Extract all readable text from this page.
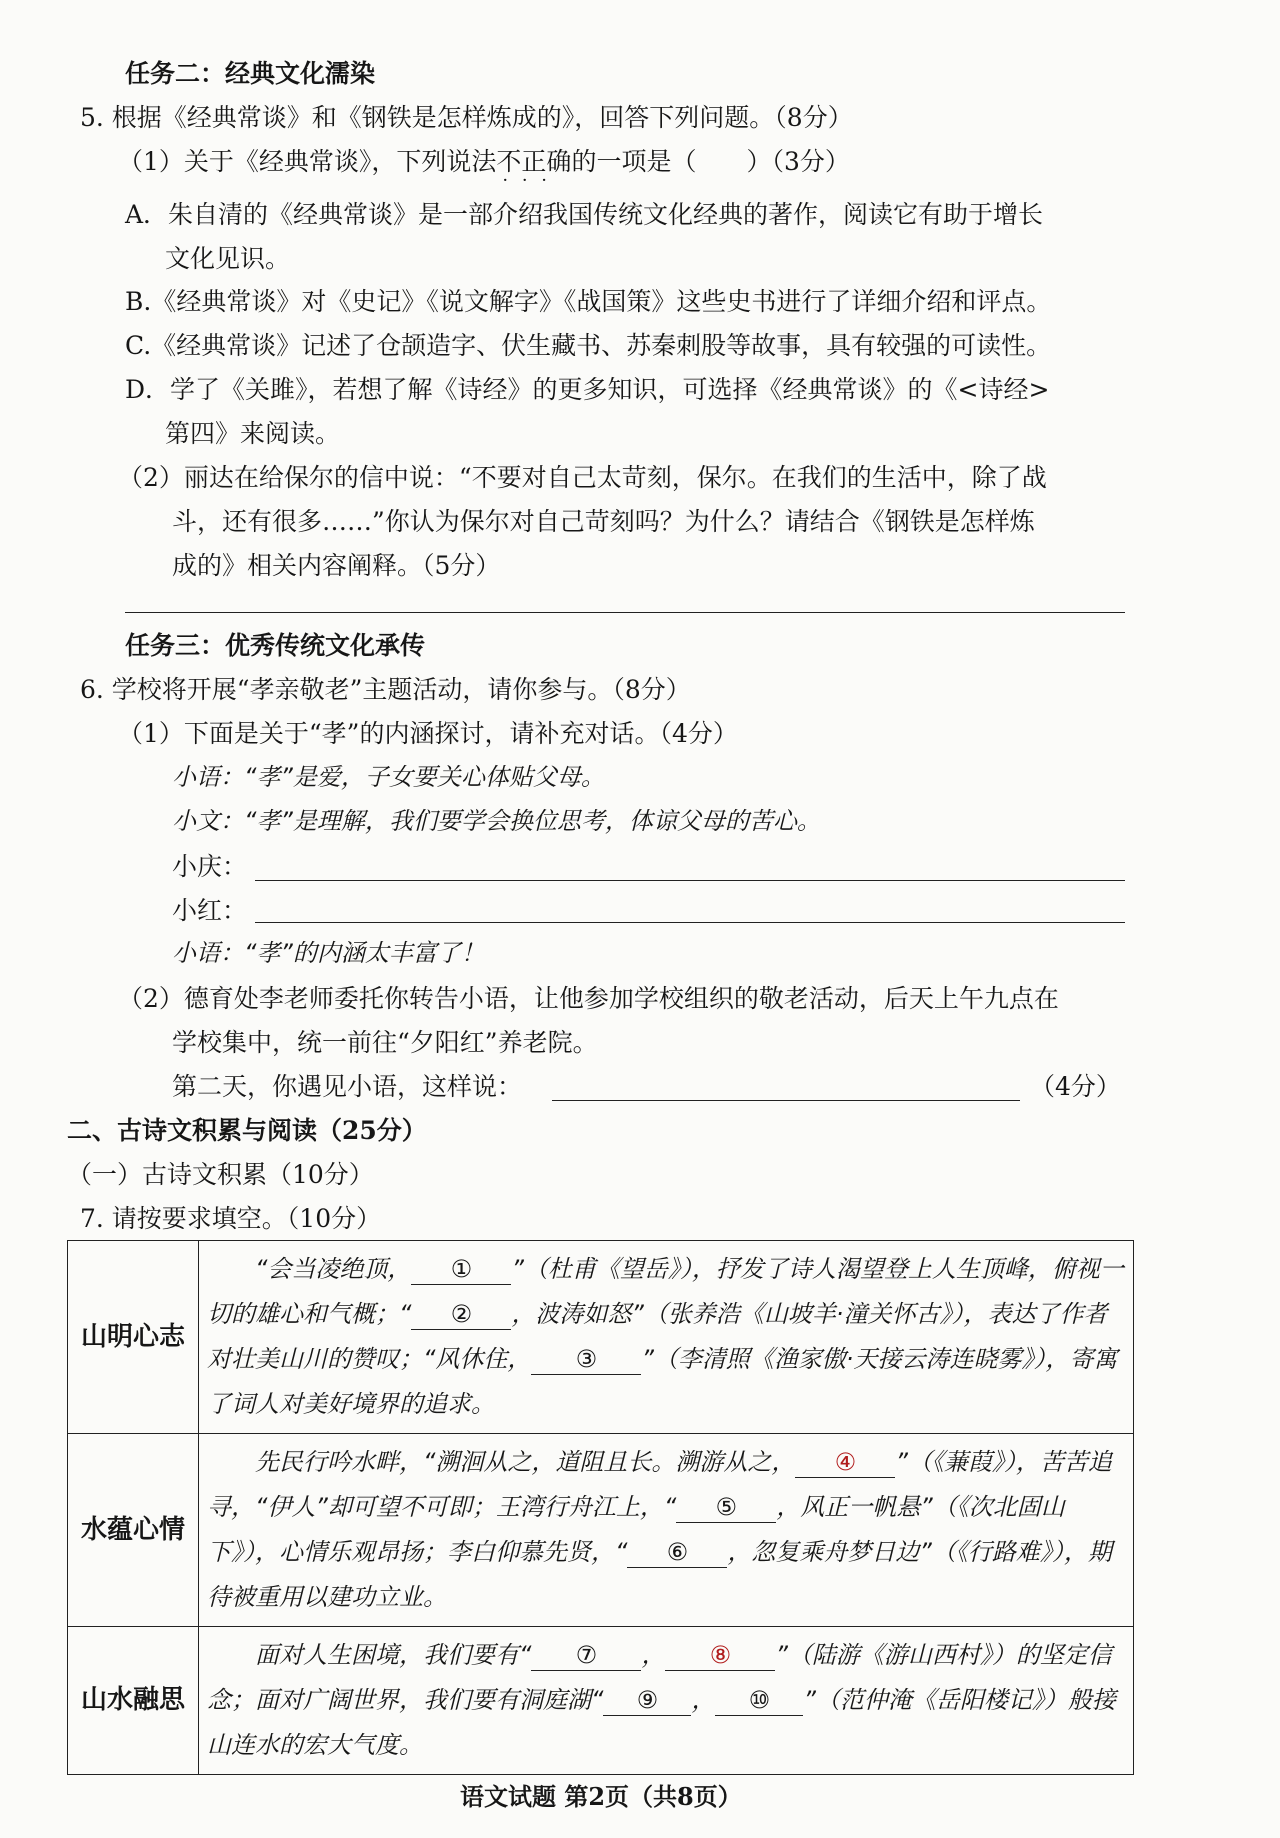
任务二：经典文化濡染
5. 根据《经典常谈》和《钢铁是怎样炼成的》，回答下列问题。（8分）
（1）关于《经典常谈》，下列说法不正确 · · ·的一项是（　　）（3分）
A．朱自清的《经典常谈》是一部介绍我国传统文化经典的著作，阅读它有助于增长
文化见识。
B.《经典常谈》对《史记》《说文解字》《战国策》这些史书进行了详细介绍和评点。
C.《经典常谈》记述了仓颉造字、伏生藏书、苏秦刺股等故事，具有较强的可读性。
D．学了《关雎》，若想了解《诗经》的更多知识，可选择《经典常谈》的《<诗经>
第四》来阅读。
（2）丽达在给保尔的信中说：“不要对自己太苛刻，保尔。在我们的生活中，除了战
斗，还有很多……”你认为保尔对自己苛刻吗？为什么？请结合《钢铁是怎样炼
成的》相关内容阐释。（5分）
任务三：优秀传统文化承传
6. 学校将开展“孝亲敬老”主题活动，请你参与。（8分）
（1）下面是关于“孝”的内涵探讨，请补充对话。（4分）
小语：“孝”是爱，子女要关心体贴父母。
小文：“孝”是理解，我们要学会换位思考，体谅父母的苦心。
小庆：
小红：
小语：“孝”的内涵太丰富了！
（2）德育处李老师委托你转告小语，让他参加学校组织的敬老活动，后天上午九点在
学校集中，统一前往“夕阳红”养老院。
第二天，你遇见小语，这样说：	（4分）
二、古诗文积累与阅读（25分）
（一）古诗文积累（10分）
7. 请按要求填空。（10分）
山明心志	“会当凌绝顶， ① ”（杜甫《望岳》），抒发了诗人渴望登上人生顶峰，俯视一切的雄心和气概；“ ② ，波涛如怒”（张养浩《山坡羊·潼关怀古》），表达了作者对壮美山川的赞叹；“风休住， ③ ”（李清照《渔家傲·天接云涛连晓雾》），寄寓了词人对美好境界的追求。
水蕴心情	先民行吟水畔，“溯洄从之，道阻且长。溯游从之， ④ ”（《蒹葭》），苦苦追寻，“伊人”却可望不可即；王湾行舟江上，“ ⑤ ，风正一帆悬”（《次北固山下》），心情乐观昂扬；李白仰慕先贤，“ ⑥ ，忽复乘舟梦日边”（《行路难》），期待被重用以建功立业。
山水融思	面对人生困境，我们要有“ ⑦ ， ⑧ ”（陆游《游山西村》）的坚定信念；面对广阔世界，我们要有洞庭湖“ ⑨ ， ⑩ ”（范仲淹《岳阳楼记》）般接山连水的宏大气度。
语文试题 第2页（共8页）
